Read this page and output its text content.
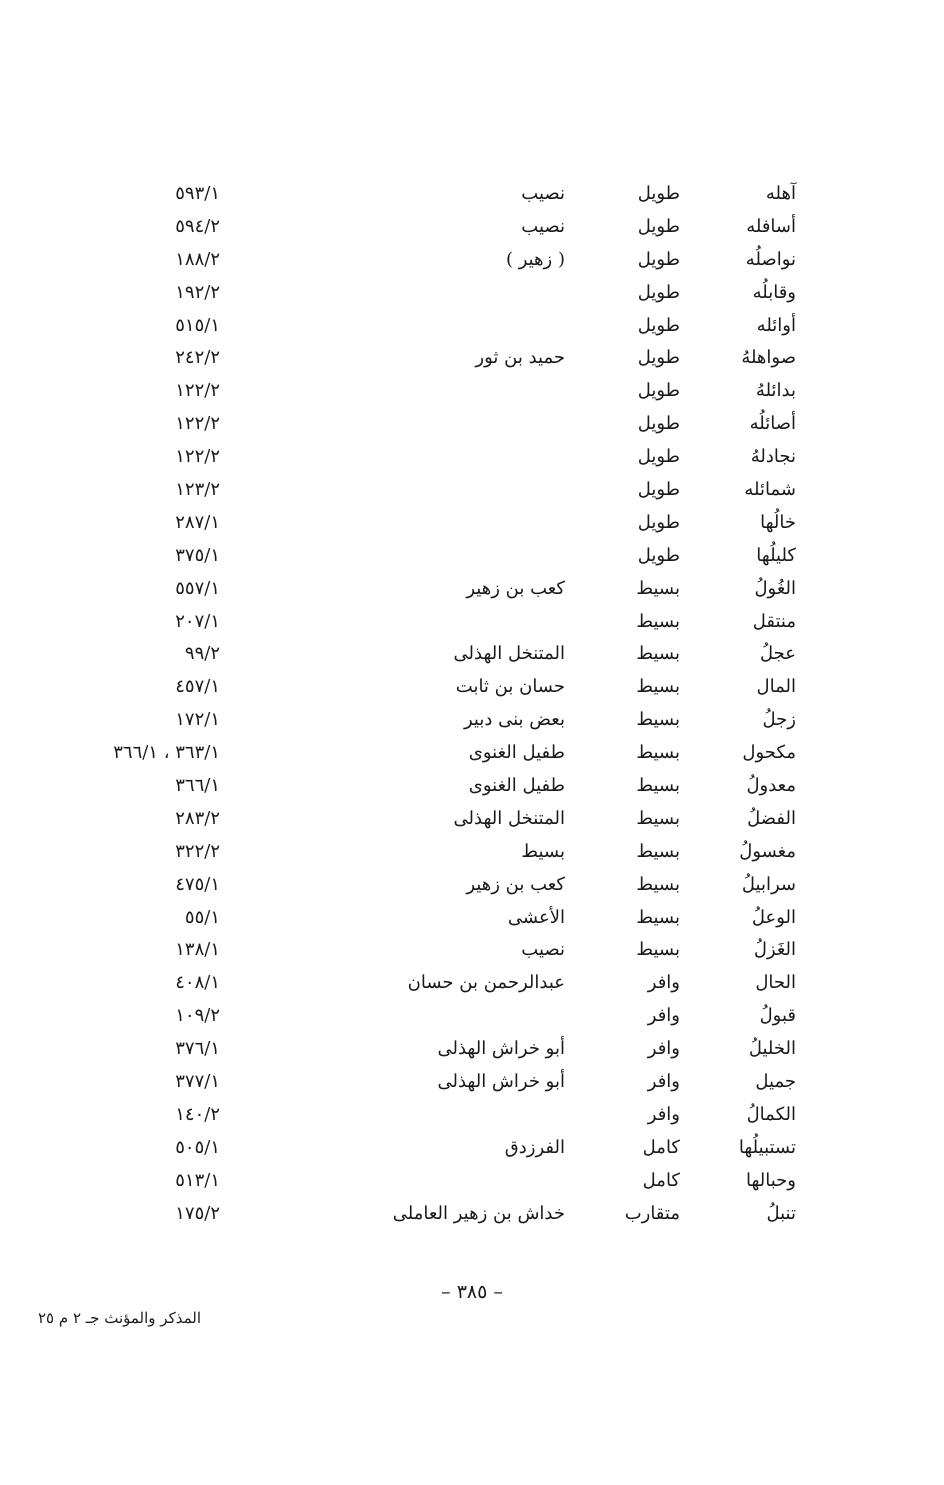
آهله
طويل
نصيب
٥٩٣/١
أسافله
طويل
نصيب
٥٩٤/٢
نواصلُه
طويل
( زهير )
١٨٨/٢
وقابلُه
طويل
١٩٢/٢
أوائله
طويل
٥١٥/١
صواهلهُ
طويل
حميد بن ثور
٢٤٢/٢
بدائلهُ
طويل
١٢٢/٢
أصائلُه
طويل
١٢٢/٢
نجادلهُ
طويل
١٢٢/٢
شمائله
طويل
١٢٣/٢
خالُها
طويل
٢٨٧/١
كليلُها
طويل
٣٧٥/١
الغُولُ
بسيط
كعب بن زهير
٥٥٧/١
منتقل
بسيط
٢٠٧/١
عجلُ
بسيط
المتنخل الهذلى
٩٩/٢
المال
بسيط
حسان بن ثابت
٤٥٧/١
زجلُ
بسيط
بعض بنى دبير
١٧٢/١
مكحول
بسيط
طفيل الغنوى
٣٦٣/١ ، ٣٦٦/١
معدولُ
بسيط
طفيل الغنوى
٣٦٦/١
الفضلُ
بسيط
المتنخل الهذلى
٢٨٣/٢
مغسولُ
بسيط
بسيط
٣٢٢/٢
سرابيلُ
بسيط
كعب بن زهير
٤٧٥/١
الوعلُ
بسيط
الأعشى
٥٥/١
الغَزلُ
بسيط
نصيب
١٣٨/١
الحال
وافر
عبدالرحمن بن حسان
٤٠٨/١
قبولُ
وافر
١٠٩/٢
الخليلُ
وافر
أبو خراش الهذلى
٣٧٦/١
جميل
وافر
أبو خراش الهذلى
٣٧٧/١
الكمالُ
وافر
١٤٠/٢
تستبيلُها
كامل
الفرزدق
٥٠٥/١
وحبالها
كامل
٥١٣/١
تنبلُ
متقارب
خداش بن زهير العاملى
١٧٥/٢
– ٣٨٥ –
المذكر والمؤنث جـ ٢ م ٢٥
